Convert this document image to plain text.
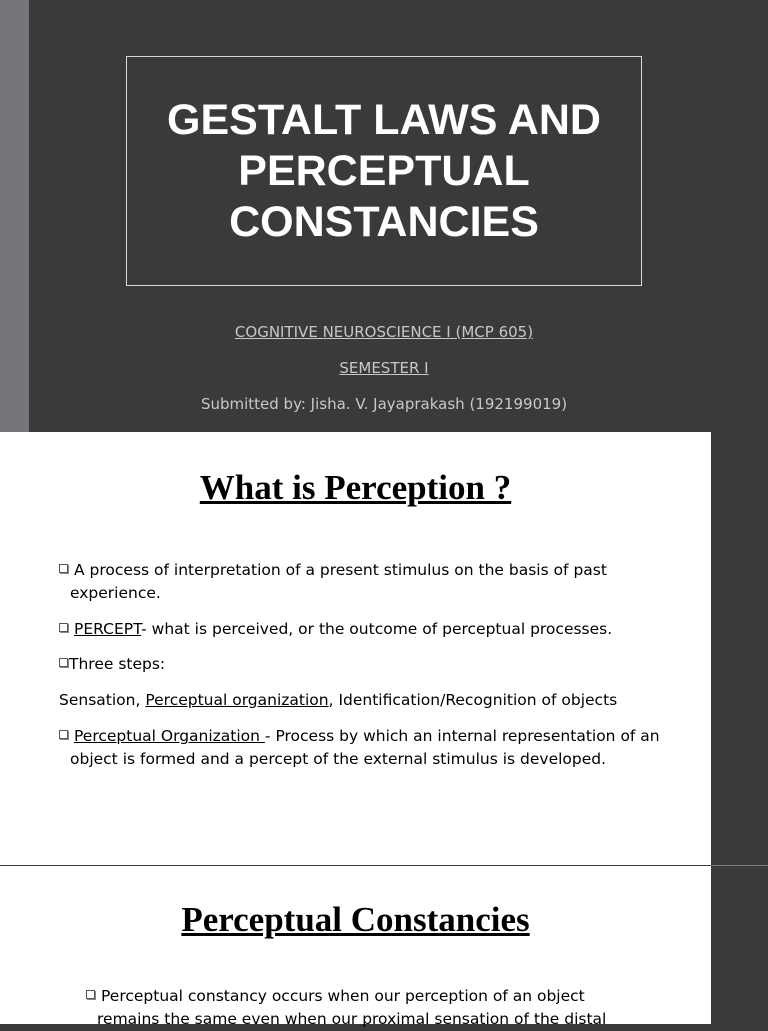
GESTALT LAWS AND
PERCEPTUAL
CONSTANCIES
COGNITIVE NEUROSCIENCE I (MCP 605)
SEMESTER I
Submitted by: Jisha. V. Jayaprakash (192199019)
What is Perception ?

A process of interpretation of a present stimulus on the basis of past
experience.

PERCEPT- what is perceived, or the outcome of perceptual processes.

Three steps:

Sensation, Perceptual organization, Identification/Recognition of objects

Perceptual Organization - Process by which an internal representation of an
object is formed and a percept of the external stimulus is developed.

Perceptual Constancies

Perceptual constancy occurs when our perception of an object
remains the same even when our proximal sensation of the distal
